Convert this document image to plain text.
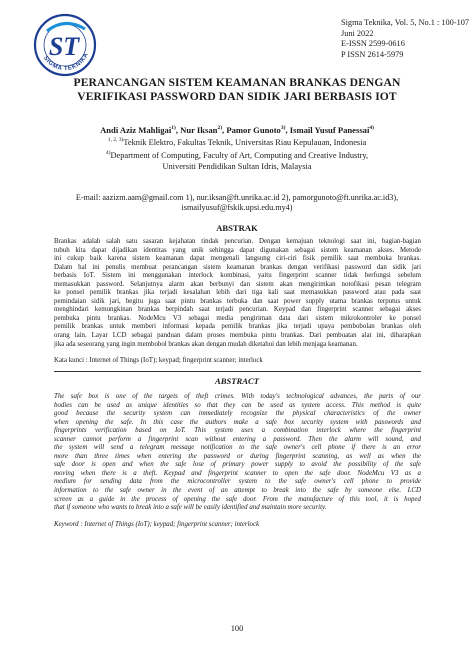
ST
SIGMA TEKNIKA
Sigma Teknika, Vol. 5, No.1 : 100-107
Juni 2022
E-ISSN 2599-0616
P ISSN 2614-5979
PERANCANGAN SISTEM KEAMANAN BRANKAS DENGAN
VERIFIKASI PASSWORD DAN SIDIK JARI BERBASIS IOT
Andi Aziz Mahligai$^{1)}$, Nur Iksan$^{2)}$, Pamor Gunoto$^{3)}$, Ismail Yusuf Panessai$^{4)}$
$^{1, 2, 3)}$Teknik Elektro, Fakultas Teknik, Universitas Riau Kepulauan, Indonesia
$^{4)}$Department of Computing, Faculty of Art, Computing and Creative Industry,
Universiti Pendidikan Sultan Idris, Malaysia
E-mail: aazizm.aam@gmail.com 1), nur.iksan@ft.unrika.ac.id 2), pamorgunoto@ft.unrika.ac.id3),
ismailyusuf@fskik.upsi.edu.my4)
ABSTRAK
Brankas adalah salah satu sasaran kejahatan tindak pencurian. Dengan kemajuan teknologi saat ini, bagian-bagian
tubuh kita dapat dijadikan identitas yang unik sehingga dapat digunakan sebagai sistem keamanan akses. Metode
ini cukup baik karena sistem keamanan dapat mengenali langsung ciri-ciri fisik pemilik saat membuka brankas.
Dalam hal ini penulis membuat perancangan sistem keamanan brankas dengan verifikasi password dan sidik jari
berbasis IoT. Sistem ini menggunakan interlock kombinasi, yaitu fingerprint scanner tidak berfungsi sebelum
memasukkan password. Selanjutnya alarm akan berbunyi dan sistem akan mengirimkan notofikasi pesan telegram
ke ponsel pemilik brankas jika terjadi kesalahan lebih dari tiga kali saat memasukkan password atau pada saat
pemindaian sidik jari, begitu juga saat pintu brankas terbuka dan saat power supply utama brankas terputus untuk
menghindari kemungkinan brankas berpindah saat terjadi pencurian. Keypad dan fingerprint scanner sebagai akses
pembuka pintu brankas. NodeMcu V3 sebagai media pengiriman data dari sistem mikrokontroler ke ponsel
pemilik brankas untuk memberi informasi kepada pemilik brankas jika terjadi upaya pembobolan brankas oleh
orang lain. Layar LCD sebagai panduan dalam proses membuka pintu brankas. Dari pembuatan alat ini, diharapkan
jika ada seseorang yang ingin membobol brankas akan dengan mudah diketahui dan lebih menjaga keamanan.
Kata kunci : Internet of Things (IoT); keypad; fingerprint scanner; interlock
ABSTRACT
The safe box is one of the targets of theft crimes. With today's technological advances, the parts of our
bodies can be used as unique identities so that they can be used as system access. This method is quite
good because the security system can immediately recognize the physical characteristics of the owner
when opening the safe. In this case the authors make a safe box security system with passwords and
fingerprints verification based on IoT. This system uses a combination interlock where the fingerprint
scanner cannot perform a fingerprint scan without entering a password. Then the alarm will sound, and
the system will send a telegram message notification to the safe owner's cell phone if there is an error
more than three times when entering the password or during fingerprint scanning, as well as when the
safe door is open and when the safe lose of primary power supply to avoid the possibility of the safe
moving when there is a theft. Keypad and fingerprint scanner to open the safe door. NodeMcu V3 as a
medium for sending data from the microcontroller system to the safe owner's cell phone to provide
information to the safe owner in the event of an attempt to break into the safe by someone else. LCD
screen as a guide in the process of opening the safe door. From the manufacture of this tool, it is hoped
that if someone who wants to break into a safe will be easily identified and maintain more security.
Keyword : Internet of Things (IoT); keypad; fingerprint scanner; interlock
100
